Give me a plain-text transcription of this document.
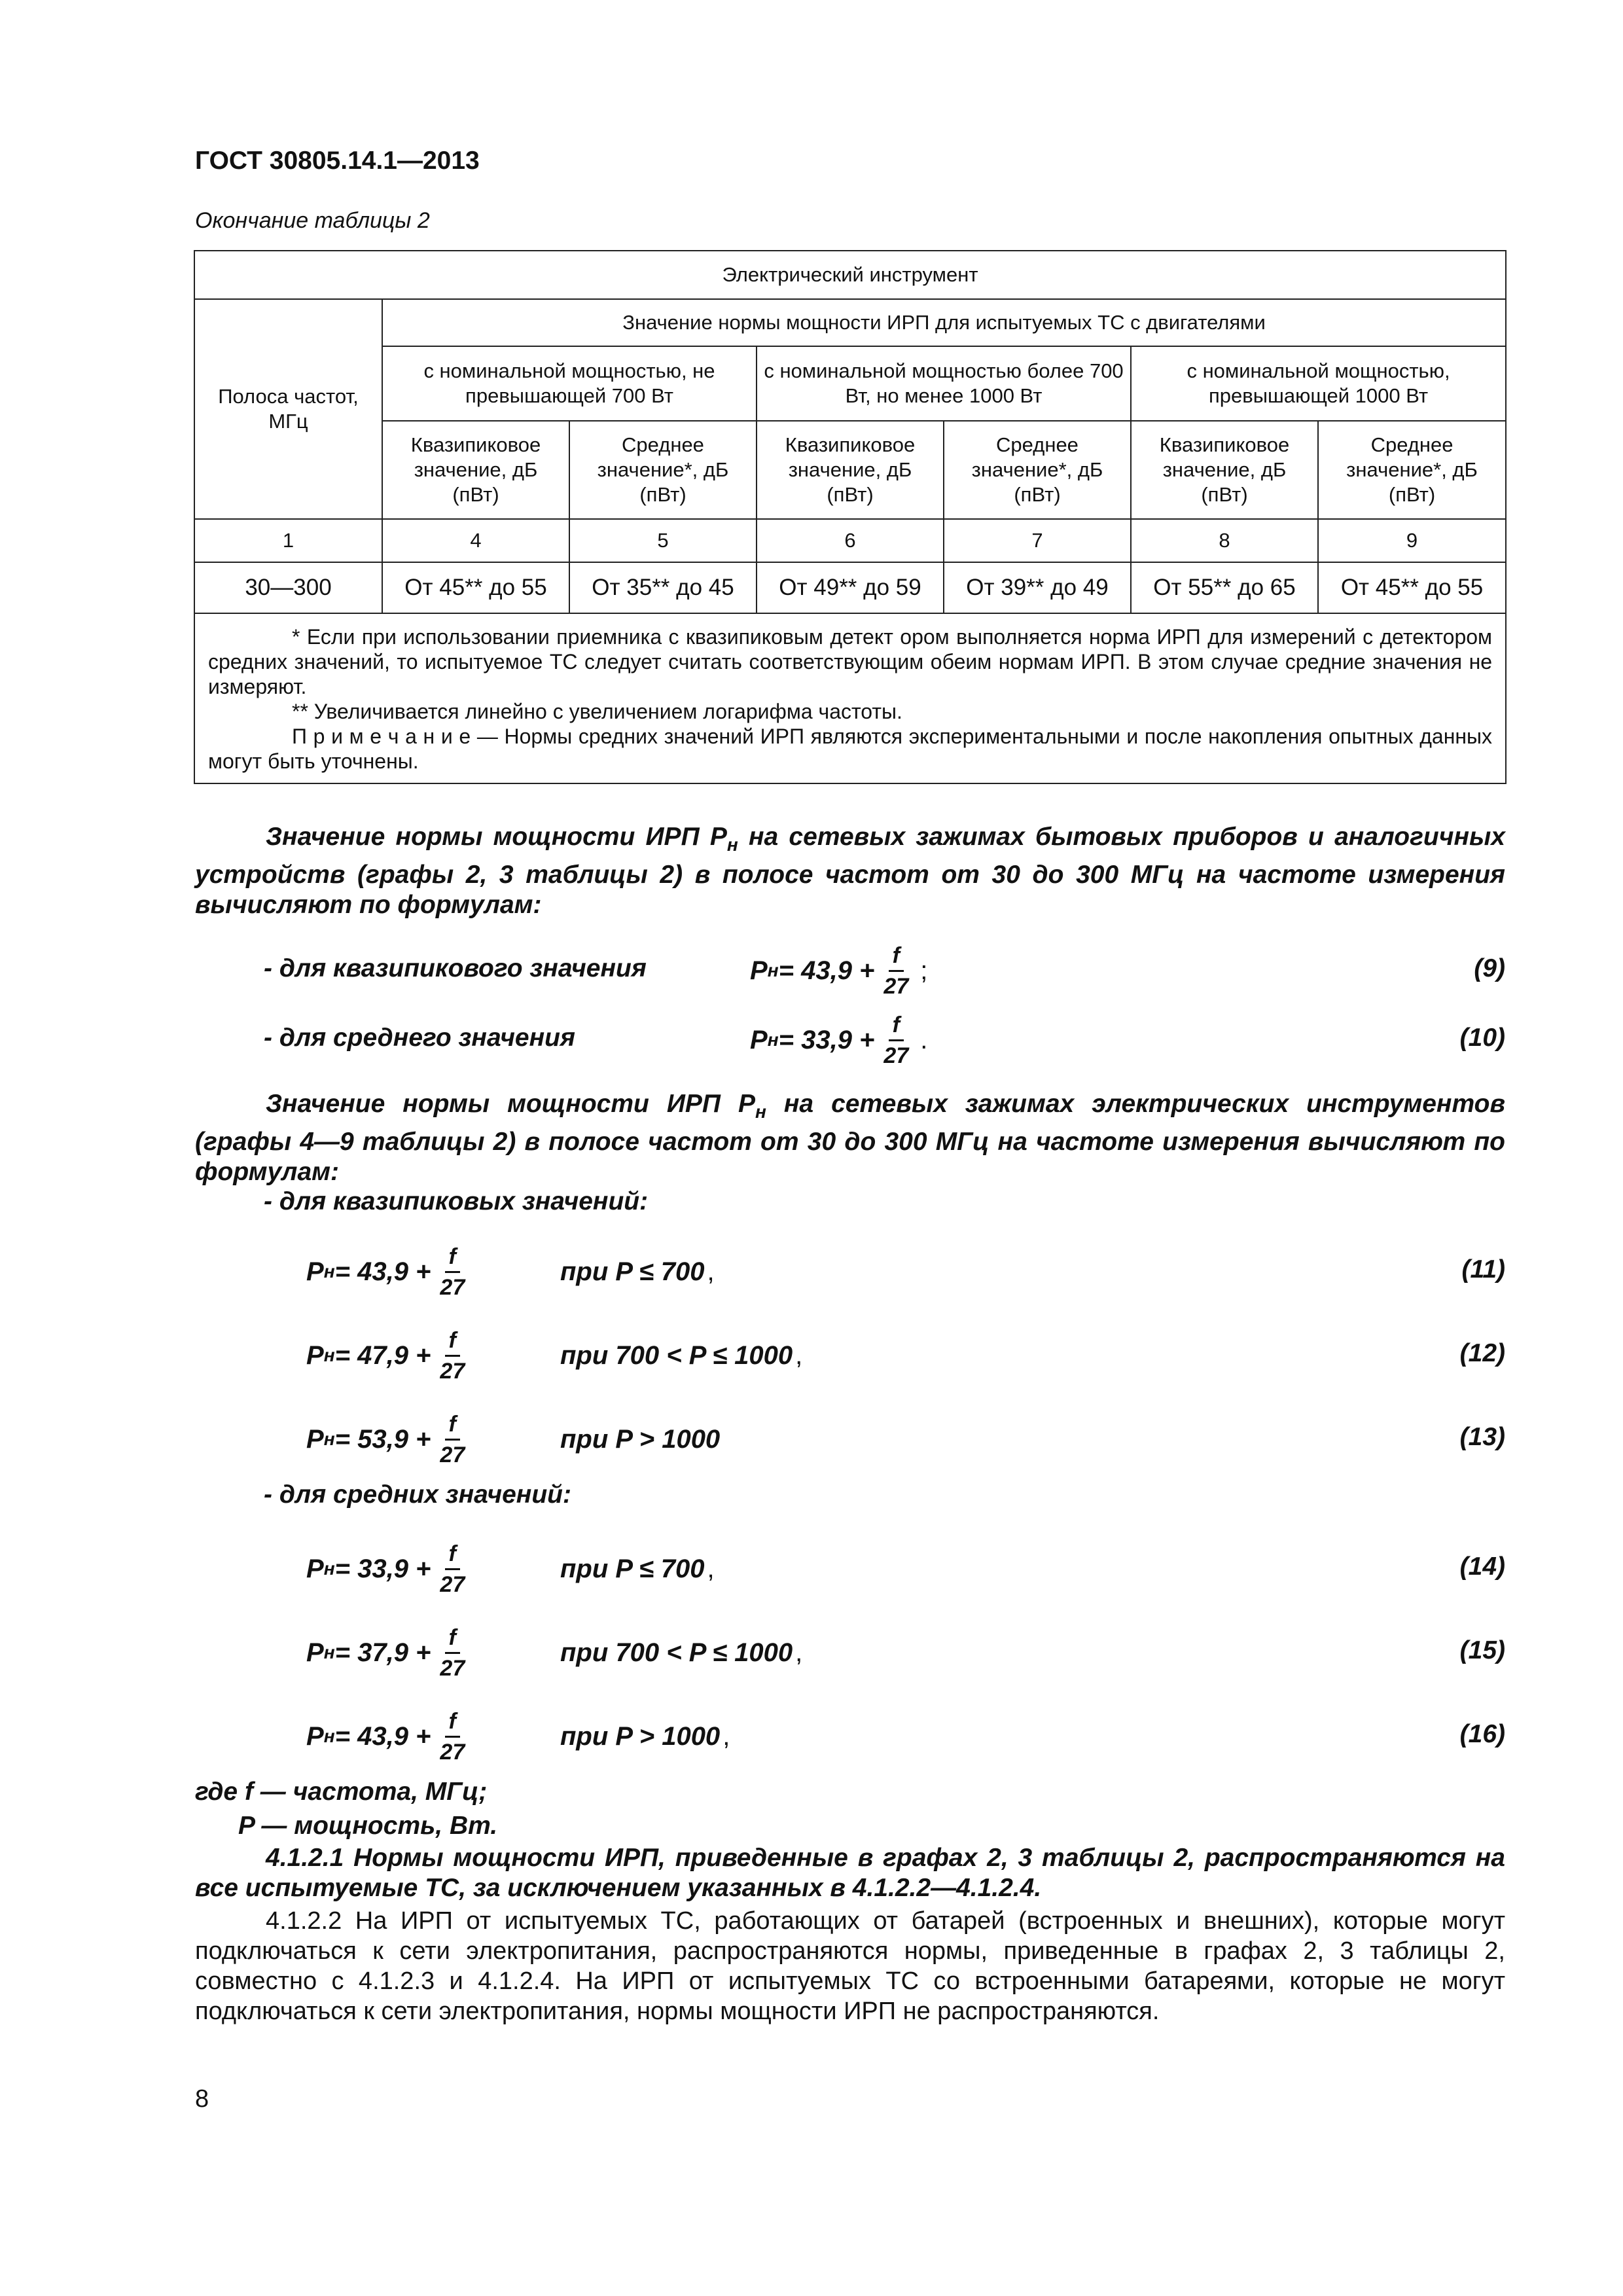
ГОСТ 30805.14.1—2013
Окончание таблицы 2
Электрический инструмент						
Полоса частот, МГц	Значение нормы мощности ИРП для испытуемых ТС с двигателями					
	с номинальной мощностью, не превышающей 700 Вт		с номинальной мощностью более 700 Вт, но менее 1000 Вт		с номинальной мощностью, превышающей 1000 Вт	
	Квазипиковое значение, дБ (пВт)	Среднее значение*, дБ (пВт)	Квазипиковое значение, дБ (пВт)	Среднее значение*, дБ (пВт)	Квазипиковое значение, дБ (пВт)	Среднее значение*, дБ (пВт)
1	4	5	6	7	8	9
30—300	От 45** до 55	От 35** до 45	От 49** до 59	От 39** до 49	От 55** до 65	От 45** до 55

* Если при использовании приемника с квазипиковым детект ором выполняется норма ИРП для измерений с детектором средних значений, то испытуемое ТС следует считать соответствующим обеим нормам ИРП. В этом случае средние значения не измеряют.

** Увеличивается линейно с увеличением логарифма частоты.

П р и м е ч а н и е — Нормы средних значений ИРП являются экспериментальными и после накопления опытных данных могут быть уточнены.						

Значение нормы мощности ИРП $P_н$ на сетевых зажимах бытовых приборов и аналогичных устройств (графы 2, 3 таблицы 2) в полосе частот от 30 до 300 МГц на частоте измерения вычисляют по формулам:

- для квазипикового значения	P $н = 43,9 + \frac{f}{27}$ ;	(9)
- для среднего значения	P $н = 33,9 + \frac{f}{27}$ .	(10)

Значение нормы мощности ИРП $P_н$ на сетевых зажимах электрических инструментов (графы 4—9 таблицы 2) в полосе частот от 30 до 300 МГц на частоте измерения вычисляют по формулам:

- для квазипиковых значений:
P $н = 43,9 + \frac{f}{27}$	при P ≤ 700 ,	(11)
P $н = 47,9 + \frac{f}{27}$	при 700 < P ≤ 1000 ,	(12)
P $н = 53,9 + \frac{f}{27}$	при P > 1000	(13)
- для средних значений:
P $н = 33,9 + \frac{f}{27}$	при P ≤ 700 ,	(14)
P $н = 37,9 + \frac{f}{27}$	при 700 < P ≤ 1000 ,	(15)
P $н = 43,9 + \frac{f}{27}$	при P > 1000 ,	(16)
где f — частота, МГц;
P — мощность, Вт.

4.1.2.1 Нормы мощности ИРП, приведенные в графах 2, 3 таблицы 2, распространяются на все испытуемые ТС, за исключением указанных в 4.1.2.2—4.1.2.4.

4.1.2.2 На ИРП от испытуемых ТС, работающих от батарей (встроенных и внешних), которые могут подключаться к сети электропитания, распространяются нормы, приведенные в графах 2, 3 таблицы 2, совместно с 4.1.2.3 и 4.1.2.4. На ИРП от испытуемых ТС со встроенными батареями, которые не могут подключаться к сети электропитания, нормы мощности ИРП не распространяются.

8
